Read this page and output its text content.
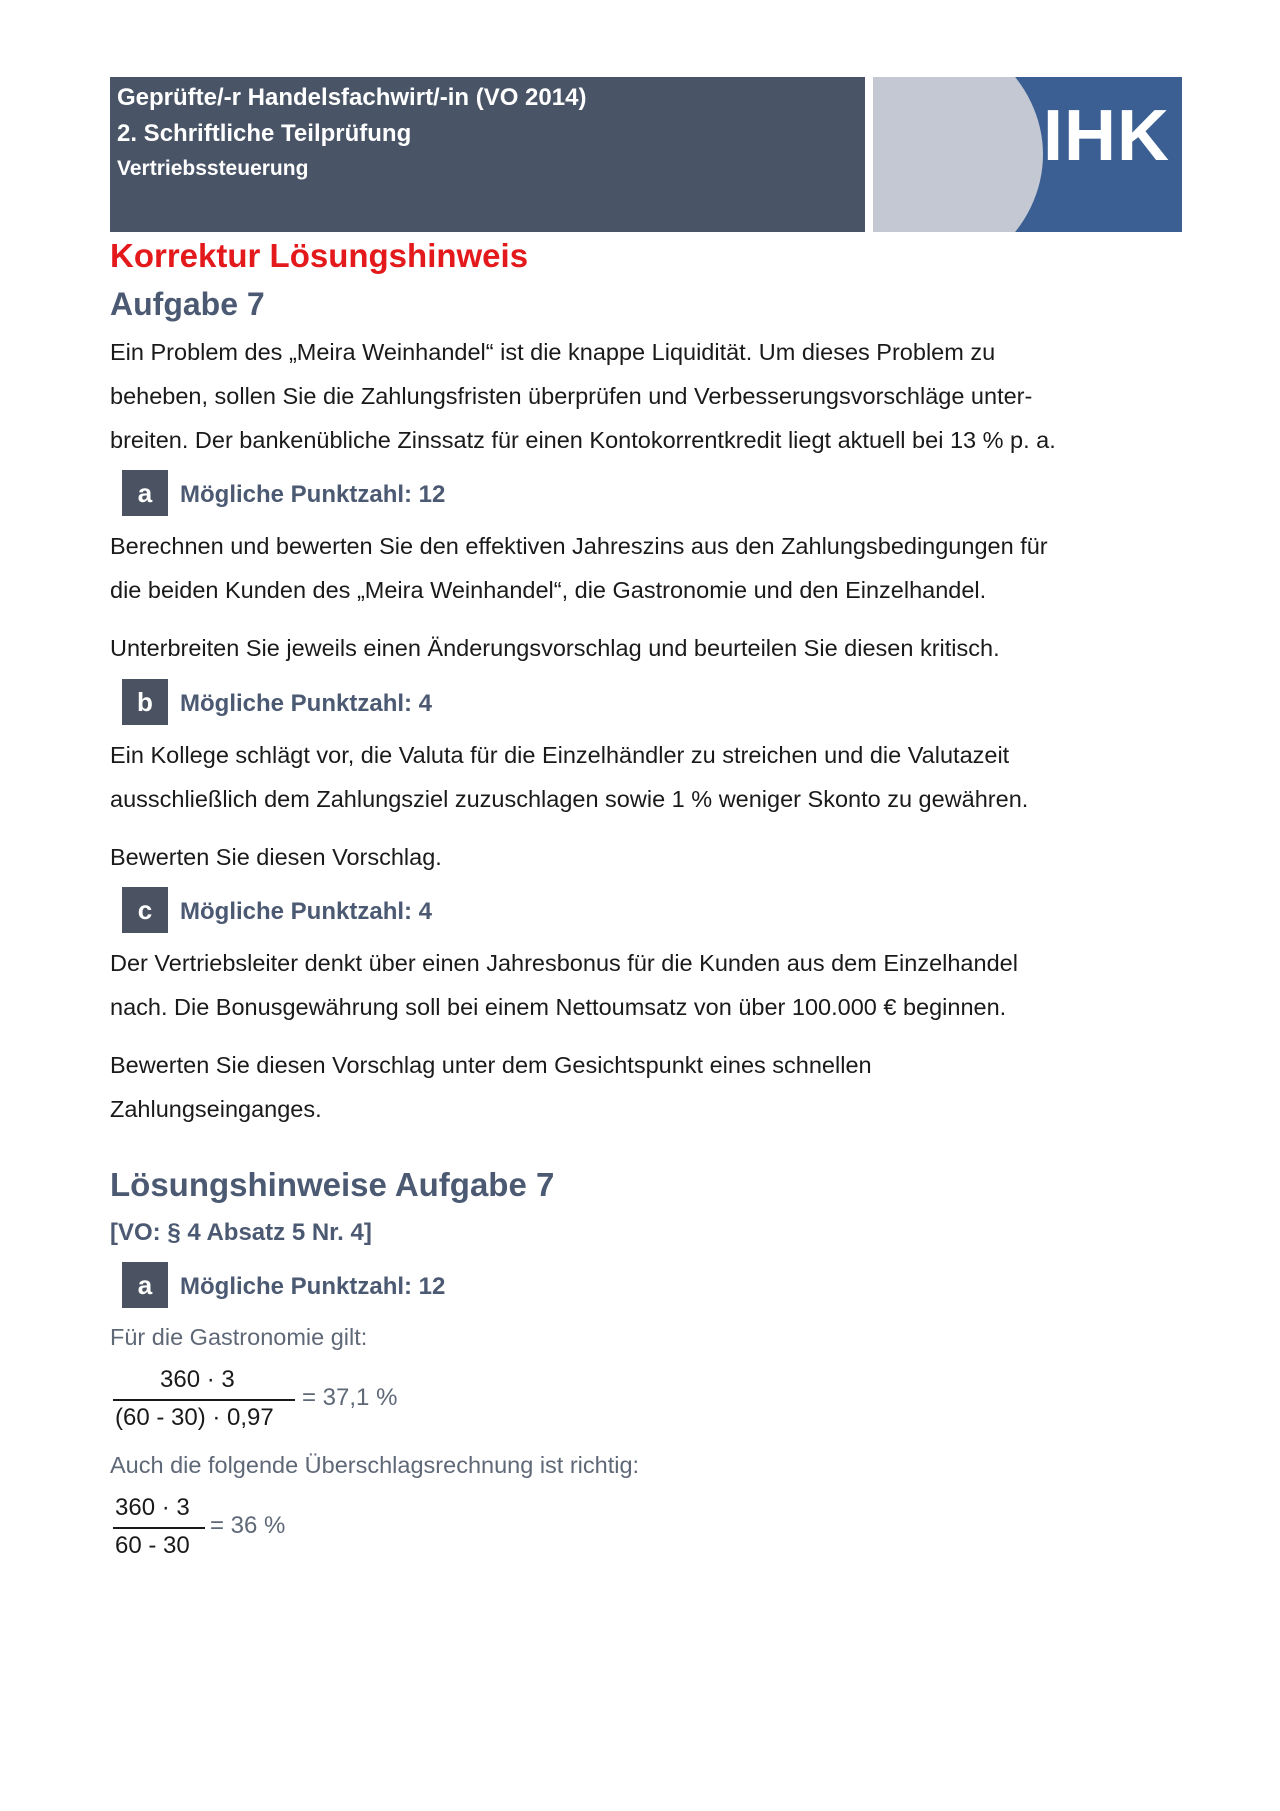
Geprüfte/-r Handelsfachwirt/-in (VO 2014)
2. Schriftliche Teilprüfung
Vertriebssteuerung	IHK
Korrektur Lösungshinweis
Aufgabe 7
Ein Problem des „Meira Weinhandel“ ist die knappe Liquidität. Um dieses Problem zu
beheben, sollen Sie die Zahlungsfristen überprüfen und Verbesserungsvorschläge unter-
breiten. Der bankenübliche Zinssatz für einen Kontokorrentkredit liegt aktuell bei 13 % p. a.
a	Mögliche Punktzahl: 12
Berechnen und bewerten Sie den effektiven Jahreszins aus den Zahlungsbedingungen für
die beiden Kunden des „Meira Weinhandel“, die Gastronomie und den Einzelhandel.
Unterbreiten Sie jeweils einen Änderungsvorschlag und beurteilen Sie diesen kritisch.
b	Mögliche Punktzahl: 4
Ein Kollege schlägt vor, die Valuta für die Einzelhändler zu streichen und die Valutazeit
ausschließlich dem Zahlungsziel zuzuschlagen sowie 1 % weniger Skonto zu gewähren.
Bewerten Sie diesen Vorschlag.
c	Mögliche Punktzahl: 4
Der Vertriebsleiter denkt über einen Jahresbonus für die Kunden aus dem Einzelhandel
nach. Die Bonusgewährung soll bei einem Nettoumsatz von über 100.000 € beginnen.
Bewerten Sie diesen Vorschlag unter dem Gesichtspunkt eines schnellen
Zahlungseinganges.
Lösungshinweise Aufgabe 7
[VO: § 4 Absatz 5 Nr. 4]
a	Mögliche Punktzahl: 12
Für die Gastronomie gilt:
360 · 3
(60 - 30) · 0,97
= 37,1 %
Auch die folgende Überschlagsrechnung ist richtig:
360 · 3
60 - 30
= 36 %
